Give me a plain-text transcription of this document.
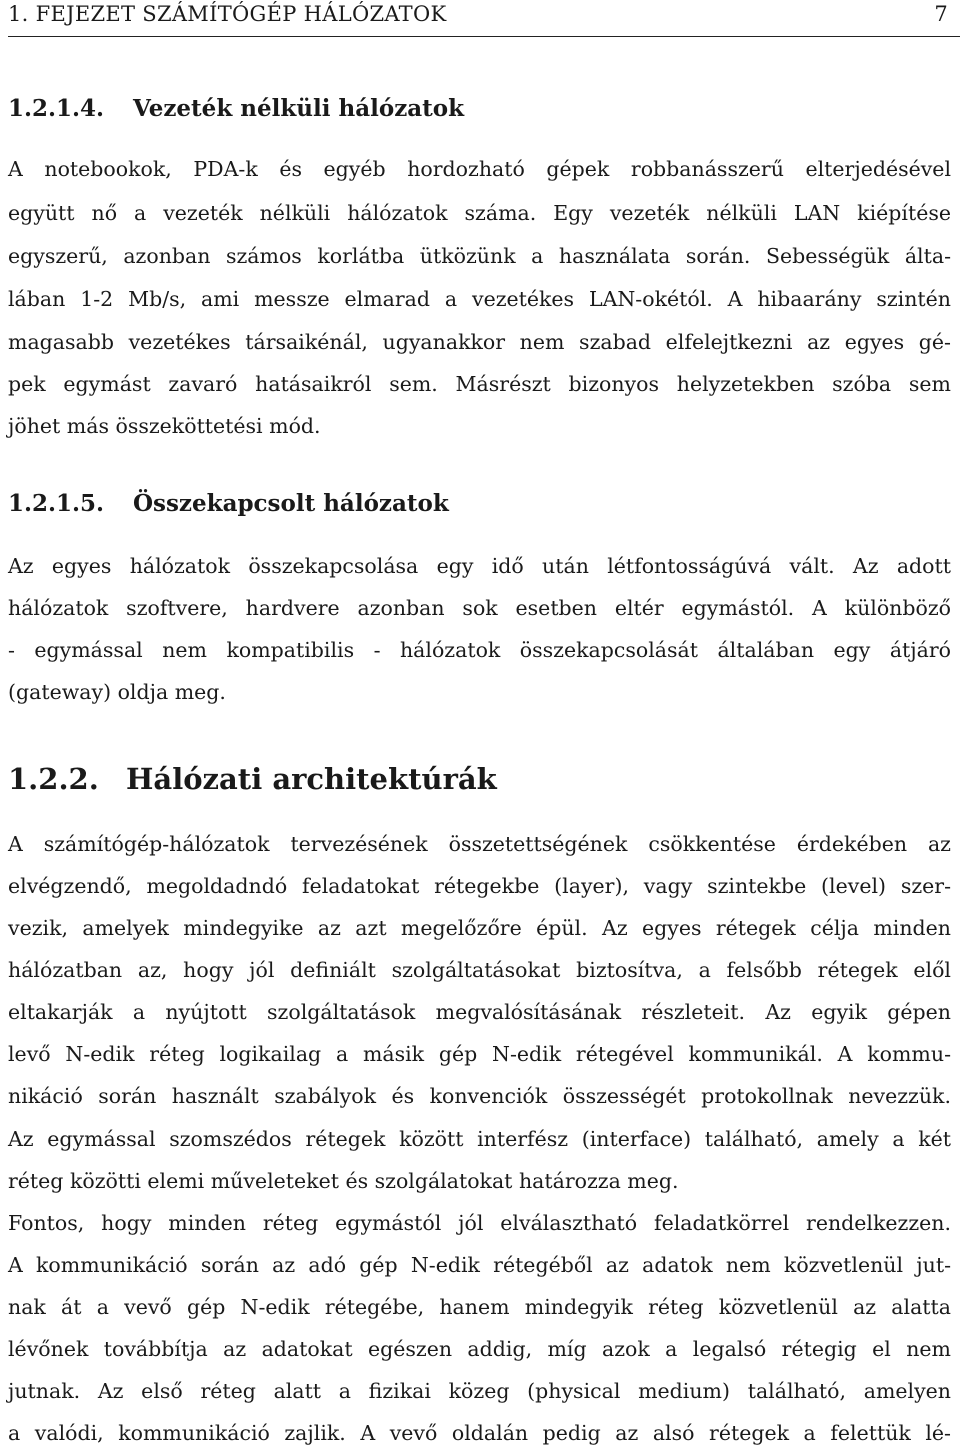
1. FEJEZET SZÁMÍTÓGÉP HÁLÓZATOK	7
1.2.1.4. Vezeték nélküli hálózatok
A notebookok, PDA-k és egyéb hordozható gépek robbanásszerű elterjedésével
együtt nő a vezeték nélküli hálózatok száma. Egy vezeték nélküli LAN kiépítése
egyszerű, azonban számos korlátba ütközünk a használata során. Sebességük álta-
lában 1-2 Mb/s, ami messze elmarad a vezetékes LAN-okétól. A hibaarány szintén
magasabb vezetékes társaikénál, ugyanakkor nem szabad elfelejtkezni az egyes gé-
pek egymást zavaró hatásaikról sem. Másrészt bizonyos helyzetekben szóba sem
jöhet más összeköttetési mód.
1.2.1.5. Összekapcsolt hálózatok
Az egyes hálózatok összekapcsolása egy idő után létfontosságúvá vált. Az adott
hálózatok szoftvere, hardvere azonban sok esetben eltér egymástól. A különböző
- egymással nem kompatibilis - hálózatok összekapcsolását általában egy átjáró
(gateway) oldja meg.
1.2.2. Hálózati architektúrák
A számítógép-hálózatok tervezésének összetettségének csökkentése érdekében az
elvégzendő, megoldadndó feladatokat rétegekbe (layer), vagy szintekbe (level) szer-
vezik, amelyek mindegyike az azt megelőzőre épül. Az egyes rétegek célja minden
hálózatban az, hogy jól definiált szolgáltatásokat biztosítva, a felsőbb rétegek elől
eltakarják a nyújtott szolgáltatások megvalósításának részleteit. Az egyik gépen
levő N-edik réteg logikailag a másik gép N-edik rétegével kommunikál. A kommu-
nikáció során használt szabályok és konvenciók összességét protokollnak nevezzük.
Az egymással szomszédos rétegek között interfész (interface) található, amely a két
réteg közötti elemi műveleteket és szolgálatokat határozza meg.
Fontos, hogy minden réteg egymástól jól elválasztható feladatkörrel rendelkezzen.
A kommunikáció során az adó gép N-edik rétegéből az adatok nem közvetlenül jut-
nak át a vevő gép N-edik rétegébe, hanem mindegyik réteg közvetlenül az alatta
lévőnek továbbítja az adatokat egészen addig, míg azok a legalsó rétegig el nem
jutnak. Az első réteg alatt a fizikai közeg (physical medium) található, amelyen
a valódi, kommunikáció zajlik. A vevő oldalán pedig az alsó rétegek a felettük lé-
